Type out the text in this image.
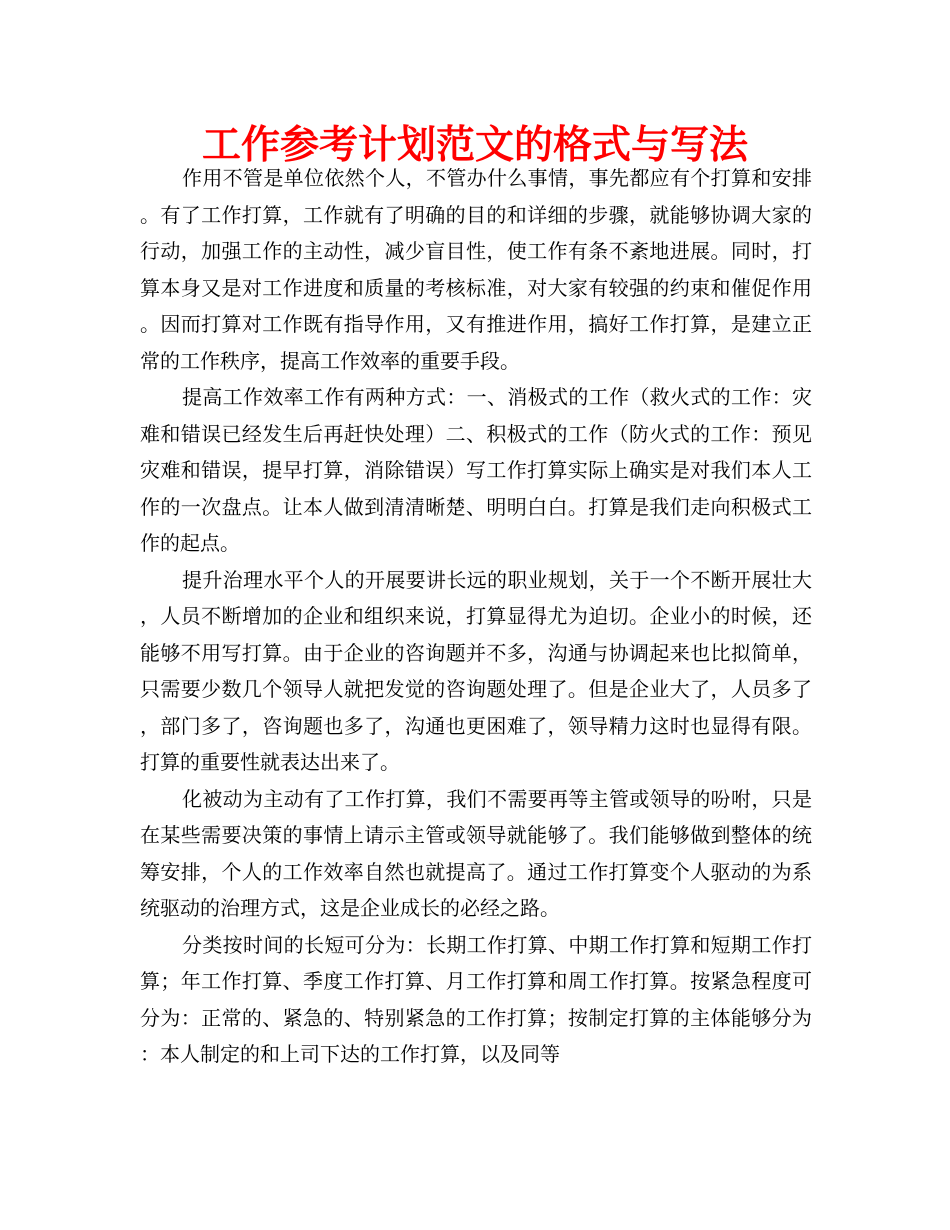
工作参考计划范文的格式与写法

作用不管是单位依然个人，不管办什么事情，事先都应有个打算和安排。有了工作打算，工作就有了明确的目的和详细的步骤，就能够协调大家的行动，加强工作的主动性，减少盲目性，使工作有条不紊地进展。同时，打算本身又是对工作进度和质量的考核标准，对大家有较强的约束和催促作用。因而打算对工作既有指导作用，又有推进作用，搞好工作打算，是建立正常的工作秩序，提高工作效率的重要手段。

提高工作效率工作有两种方式：一、消极式的工作（救火式的工作：灾难和错误已经发生后再赶快处理）二、积极式的工作（防火式的工作：预见灾难和错误，提早打算，消除错误）写工作打算实际上确实是对我们本人工作的一次盘点。让本人做到清清晰楚、明明白白。打算是我们走向积极式工作的起点。

提升治理水平个人的开展要讲长远的职业规划，关于一个不断开展壮大，人员不断增加的企业和组织来说，打算显得尤为迫切。企业小的时候，还能够不用写打算。由于企业的咨询题并不多，沟通与协调起来也比拟简单，只需要少数几个领导人就把发觉的咨询题处理了。但是企业大了，人员多了，部门多了，咨询题也多了，沟通也更困难了，领导精力这时也显得有限。打算的重要性就表达出来了。

化被动为主动有了工作打算，我们不需要再等主管或领导的吩咐，只是在某些需要决策的事情上请示主管或领导就能够了。我们能够做到整体的统筹安排，个人的工作效率自然也就提高了。通过工作打算变个人驱动的为系统驱动的治理方式，这是企业成长的必经之路。

分类按时间的长短可分为：长期工作打算、中期工作打算和短期工作打算；年工作打算、季度工作打算、月工作打算和周工作打算。按紧急程度可分为：正常的、紧急的、特别紧急的工作打算；按制定打算的主体能够分为：本人制定的和上司下达的工作打算，以及同等
